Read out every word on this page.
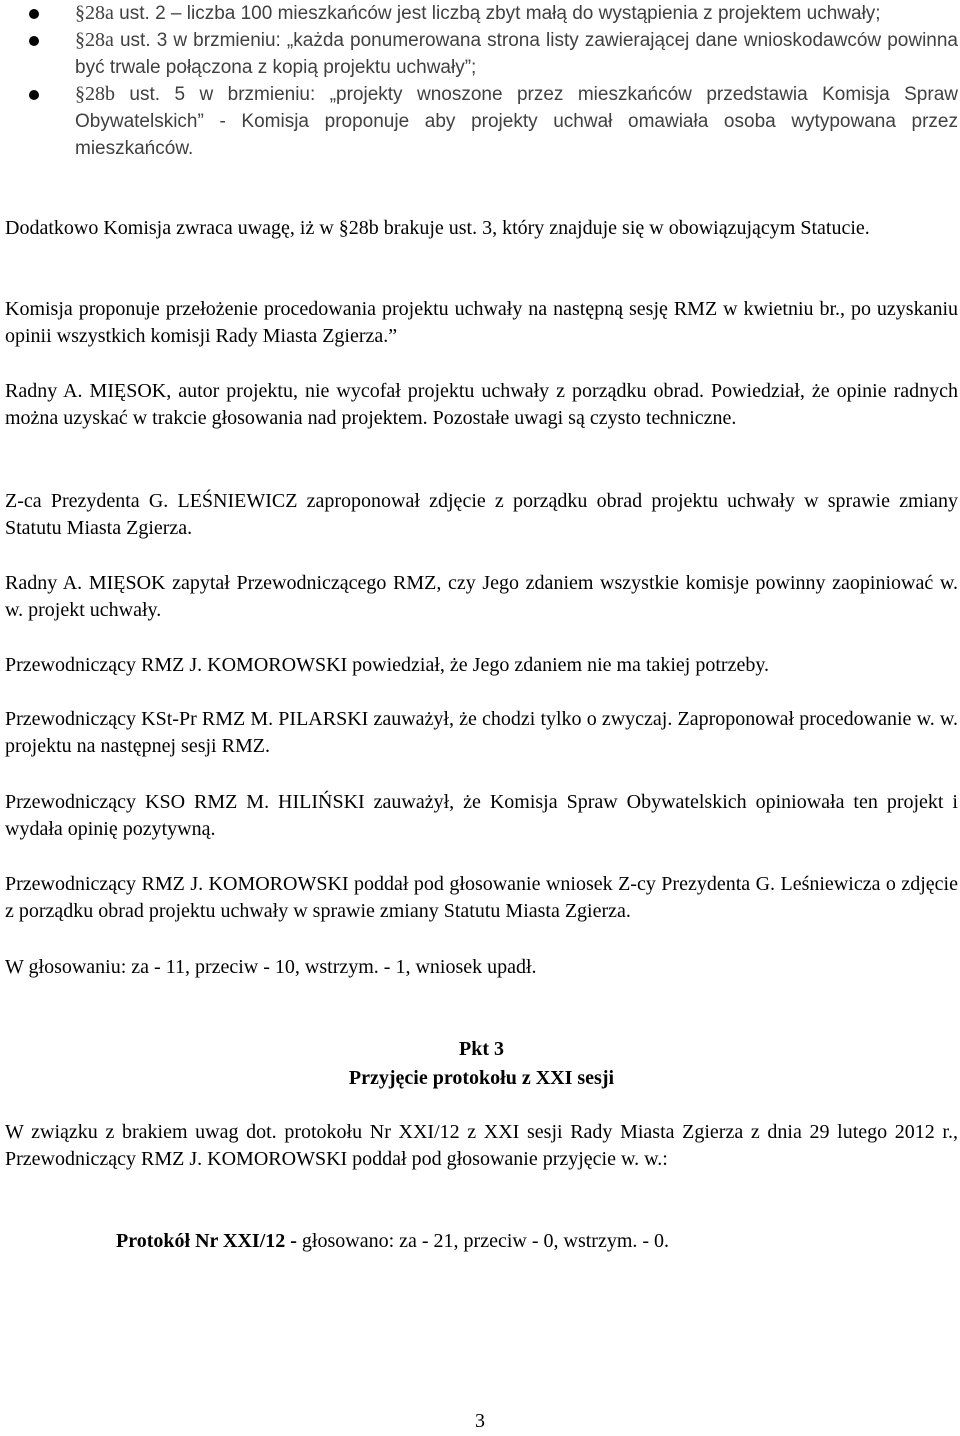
§28a ust. 2 – liczba 100 mieszkańców jest liczbą zbyt małą do wystąpienia z projektem uchwały;
§28a ust. 3 w brzmieniu: „każda ponumerowana strona listy zawierającej dane wnioskodawców powinna być trwale połączona z kopią projektu uchwały”;
§28b ust. 5 w brzmieniu: „projekty wnoszone przez mieszkańców przedstawia Komisja Spraw Obywatelskich” - Komisja proponuje aby projekty uchwał omawiała osoba wytypowana przez mieszkańców.

Dodatkowo Komisja zwraca uwagę, iż w §28b brakuje ust. 3, który znajduje się w obowiązującym Statucie.

Komisja proponuje przełożenie procedowania projektu uchwały na następną sesję RMZ w kwietniu br., po uzyskaniu opinii wszystkich komisji Rady Miasta Zgierza.”

Radny A. MIĘSOK, autor projektu, nie wycofał projektu uchwały z porządku obrad. Powiedział, że opinie radnych można uzyskać w trakcie głosowania nad projektem. Pozostałe uwagi są czysto techniczne.

Z-ca Prezydenta G. LEŚNIEWICZ zaproponował zdjęcie z porządku obrad projektu uchwały w sprawie zmiany Statutu Miasta Zgierza.

Radny A. MIĘSOK zapytał Przewodniczącego RMZ, czy Jego zdaniem wszystkie komisje powinny zaopiniować w. w. projekt uchwały.

Przewodniczący RMZ J. KOMOROWSKI powiedział, że Jego zdaniem nie ma takiej potrzeby.

Przewodniczący KSt-Pr RMZ M. PILARSKI zauważył, że chodzi tylko o zwyczaj. Zaproponował procedowanie w. w. projektu na następnej sesji RMZ.

Przewodniczący KSO RMZ M. HILIŃSKI zauważył, że Komisja Spraw Obywatelskich opiniowała ten projekt i wydała opinię pozytywną.

Przewodniczący RMZ J. KOMOROWSKI poddał pod głosowanie wniosek Z-cy Prezydenta G. Leśniewicza o zdjęcie z porządku obrad projektu uchwały w sprawie zmiany Statutu Miasta Zgierza.

W głosowaniu: za - 11, przeciw - 10, wstrzym. - 1, wniosek upadł.

Pkt 3
Przyjęcie protokołu z XXI sesji

W związku z brakiem uwag dot. protokołu Nr XXI/12 z XXI sesji Rady Miasta Zgierza z dnia 29 lutego 2012 r., Przewodniczący RMZ J. KOMOROWSKI poddał pod głosowanie przyjęcie w. w.:

Protokół Nr XXI/12 - głosowano: za - 21, przeciw - 0, wstrzym. - 0.
3
